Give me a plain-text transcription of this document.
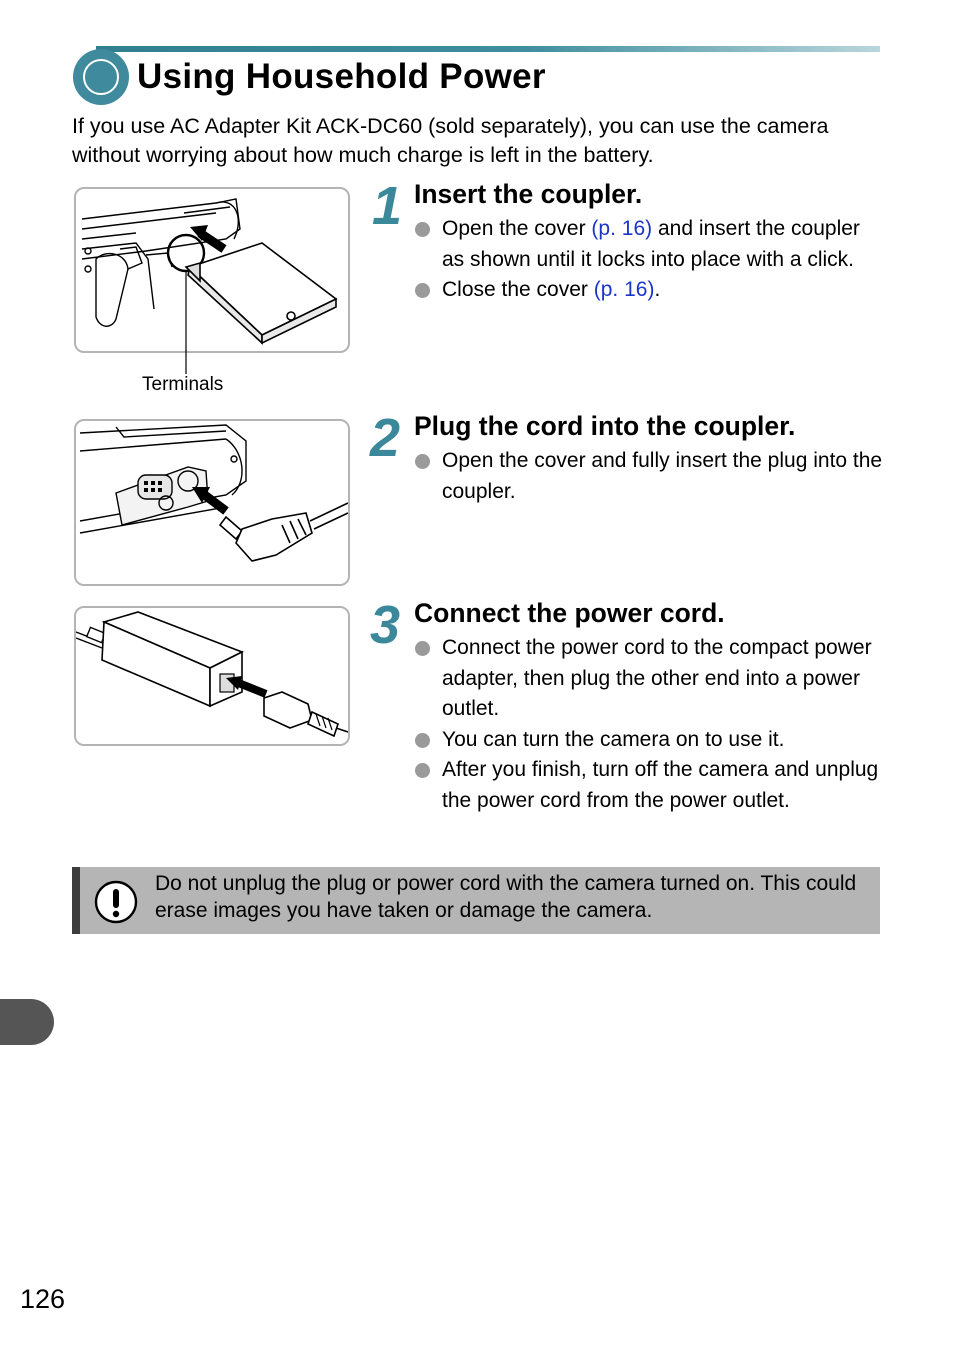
Using Household Power
If you use AC Adapter Kit ACK-DC60 (sold separately), you can use the camera without worrying about how much charge is left in the battery.
Terminals
1 Insert the coupler.
Open the cover (p. 16) and insert the coupler as shown until it locks into place with a click.
Close the cover (p. 16).
2 Plug the cord into the coupler.
Open the cover and fully insert the plug into the coupler.
3 Connect the power cord.
Connect the power cord to the compact power adapter, then plug the other end into a power outlet.
You can turn the camera on to use it.
After you finish, turn off the camera and unplug the power cord from the power outlet.
Do not unplug the plug or power cord with the camera turned on. This could erase images you have taken or damage the camera.
126
